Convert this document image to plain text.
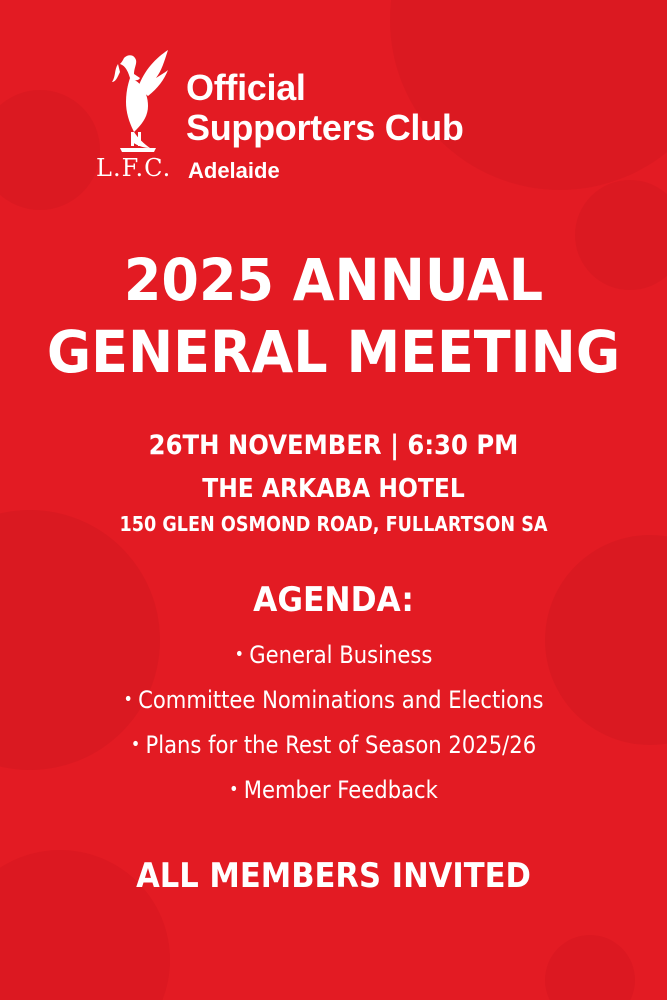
L.F.C.
Official
Supporters Club
Adelaide
2025 ANNUAL
GENERAL MEETING
26TH NOVEMBER | 6:30 PM
THE ARKABA HOTEL
150 GLEN OSMOND ROAD, FULLARTSON SA
AGENDA:
• General Business
• Committee Nominations and Elections
• Plans for the Rest of Season 2025/26
• Member Feedback
ALL MEMBERS INVITED
